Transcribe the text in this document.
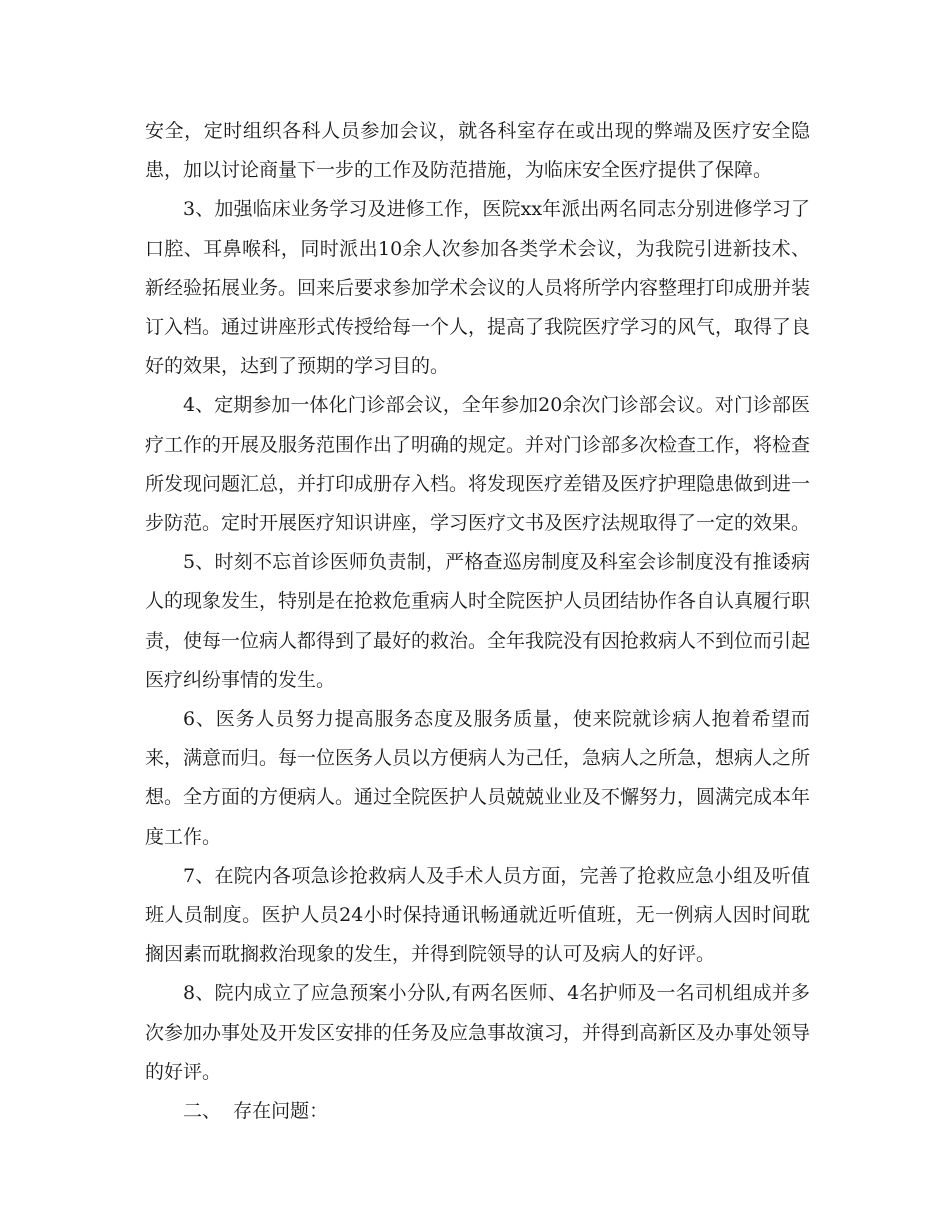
安全，定时组织各科人员参加会议，就各科室存在或出现的弊端及医疗安全隐患，加以讨论商量下一步的工作及防范措施，为临床安全医疗提供了保障。

3、加强临床业务学习及进修工作，医院xx年派出两名同志分别进修学习了口腔、耳鼻喉科，同时派出10余人次参加各类学术会议，为我院引进新技术、新经验拓展业务。回来后要求参加学术会议的人员将所学内容整理打印成册并装订入档。通过讲座形式传授给每一个人，提高了我院医疗学习的风气，取得了良好的效果，达到了预期的学习目的。

4、定期参加一体化门诊部会议，全年参加20余次门诊部会议。对门诊部医疗工作的开展及服务范围作出了明确的规定。并对门诊部多次检查工作，将检查所发现问题汇总，并打印成册存入档。将发现医疗差错及医疗护理隐患做到进一步防范。定时开展医疗知识讲座，学习医疗文书及医疗法规取得了一定的效果。

5、时刻不忘首诊医师负责制，严格查巡房制度及科室会诊制度没有推诿病人的现象发生，特别是在抢救危重病人时全院医护人员团结协作各自认真履行职责，使每一位病人都得到了最好的救治。全年我院没有因抢救病人不到位而引起医疗纠纷事情的发生。

6、医务人员努力提高服务态度及服务质量，使来院就诊病人抱着希望而来，满意而归。每一位医务人员以方便病人为己任，急病人之所急，想病人之所想。全方面的方便病人。通过全院医护人员兢兢业业及不懈努力，圆满完成本年度工作。

7、在院内各项急诊抢救病人及手术人员方面，完善了抢救应急小组及听值班人员制度。医护人员24小时保持通讯畅通就近听值班，无一例病人因时间耽搁因素而耽搁救治现象的发生，并得到院领导的认可及病人的好评。

8、院内成立了应急预案小分队,有两名医师、4名护师及一名司机组成并多次参加办事处及开发区安排的任务及应急事故演习，并得到高新区及办事处领导的好评。

二、  存在问题：
